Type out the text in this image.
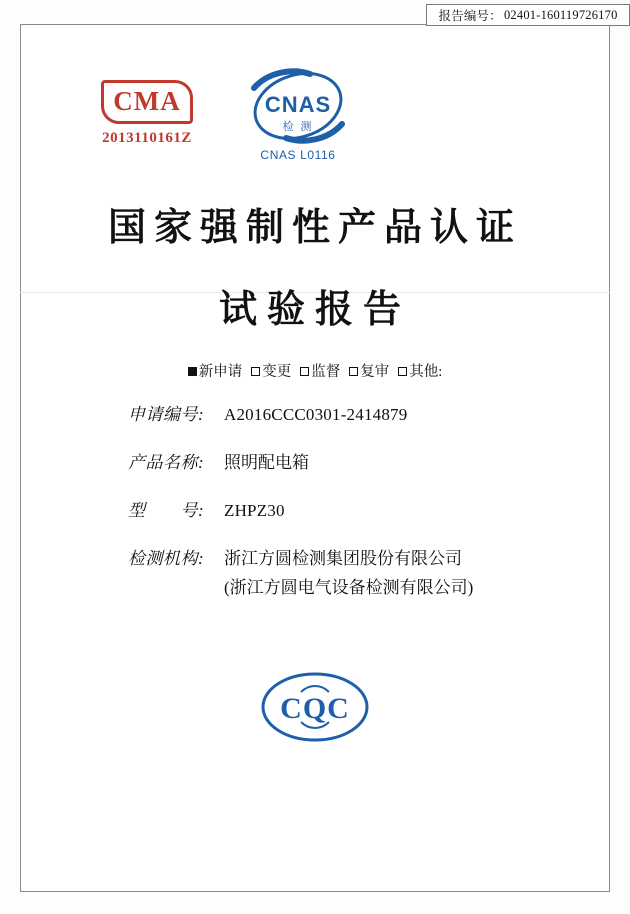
报告编号： 02401-160119726170
CMA
2013110161Z
CNAS
检 测
CNAS L0116
国家强制性产品认证
试验报告
新申请 变更 监督 复审 其他:
申请编号:	A2016CCC0301-2414879
产品名称:	照明配电箱
型　　号:	ZHPZ30
检测机构:	浙江方圆检测集团股份有限公司
(浙江方圆电气设备检测有限公司)
CQC
